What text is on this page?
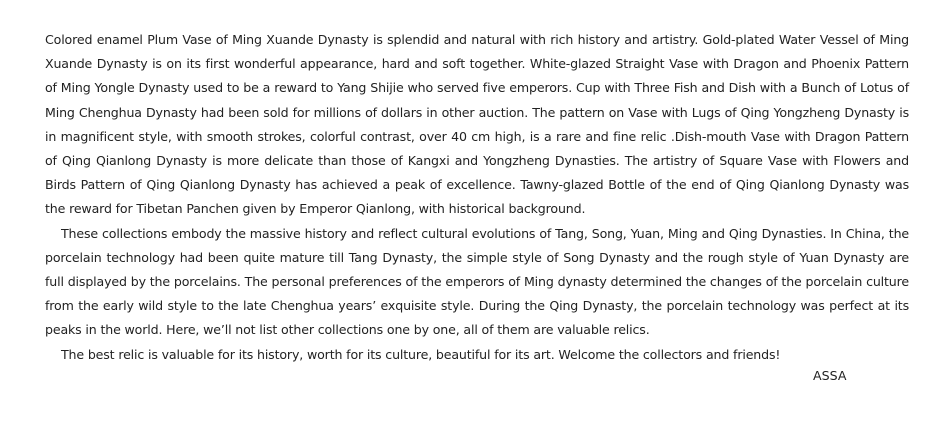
Colored enamel Plum Vase of Ming Xuande Dynasty is splendid and natural with rich history and artistry. Gold-plated Water Vessel of Ming Xuande Dynasty is on its first wonderful appearance, hard and soft together. White-glazed Straight Vase with Dragon and Phoenix Pattern of Ming Yongle Dynasty used to be a reward to Yang Shijie who served five emperors. Cup with Three Fish and Dish with a Bunch of Lotus of Ming Chenghua Dynasty had been sold for millions of dollars in other auction. The pattern on Vase with Lugs of Qing Yongzheng Dynasty is in magnificent style, with smooth strokes, colorful contrast, over 40 cm high, is a rare and fine relic .Dish-mouth Vase with Dragon Pattern of Qing Qianlong Dynasty is more delicate than those of Kangxi and Yongzheng Dynasties. The artistry of Square Vase with Flowers and Birds Pattern of Qing Qianlong Dynasty has achieved a peak of excellence. Tawny-glazed Bottle of the end of Qing Qianlong Dynasty was the reward for Tibetan Panchen given by Emperor Qianlong, with historical background.

These collections embody the massive history and reflect cultural evolutions of Tang, Song, Yuan, Ming and Qing Dynasties. In China, the porcelain technology had been quite mature till Tang Dynasty, the simple style of Song Dynasty and the rough style of Yuan Dynasty are full displayed by the porcelains. The personal preferences of the emperors of Ming dynasty determined the changes of the porcelain culture from the early wild style to the late Chenghua years’ exquisite style. During the Qing Dynasty, the porcelain technology was perfect at its peaks in the world. Here, we’ll not list other collections one by one, all of them are valuable relics.

The best relic is valuable for its history, worth for its culture, beautiful for its art. Welcome the collectors and friends!

ASSA
